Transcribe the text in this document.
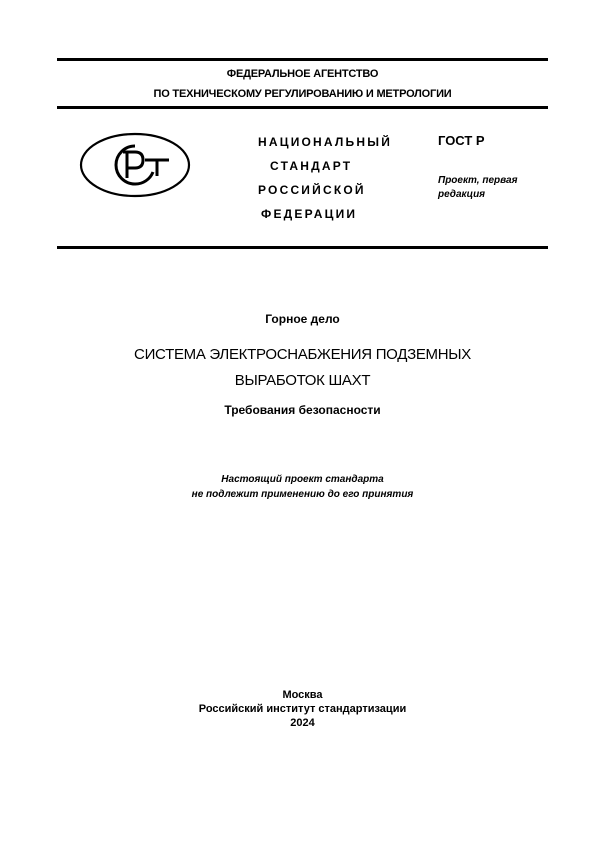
ФЕДЕРАЛЬНОЕ АГЕНТСТВО
ПО ТЕХНИЧЕСКОМУ РЕГУЛИРОВАНИЮ И МЕТРОЛОГИИ
НАЦИОНАЛЬНЫЙ
СТАНДАРТ
РОССИЙСКОЙ
ФЕДЕРАЦИИ
ГОСТ Р
Проект, первая редакция
Горное дело
СИСТЕМА ЭЛЕКТРОСНАБЖЕНИЯ ПОДЗЕМНЫХ
ВЫРАБОТОК ШАХТ
Требования безопасности
Настоящий проект стандарта
не подлежит применению до его принятия
Москва
Российский институт стандартизации
2024
